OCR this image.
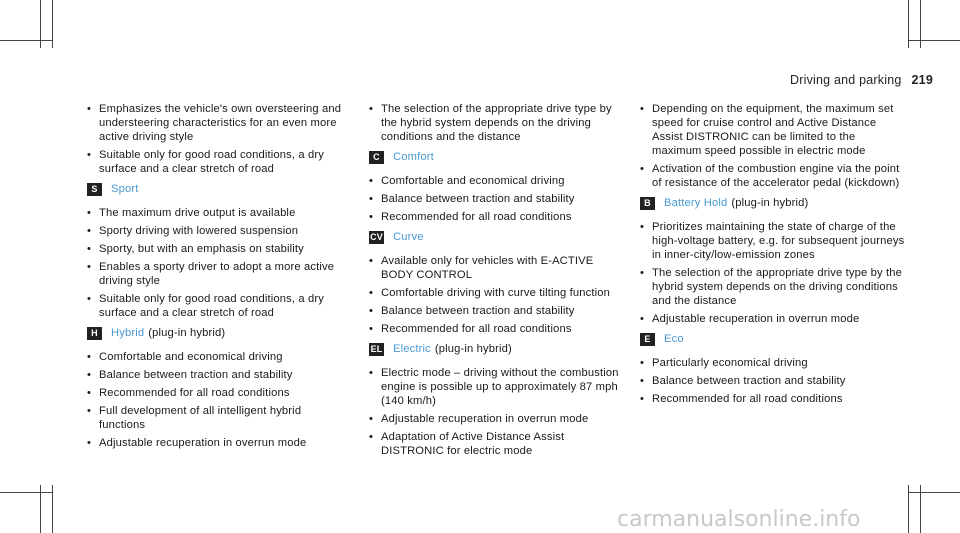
Driving and parking 219
• Emphasizes the vehicle's own oversteering and understeering characteristics for an even more active driving style
• Suitable only for good road conditions, a dry surface and a clear stretch of road
S	Sport
• The maximum drive output is available
• Sporty driving with lowered suspension
• Sporty, but with an emphasis on stability
• Enables a sporty driver to adopt a more active driving style
• Suitable only for good road conditions, a dry surface and a clear stretch of road
H	Hybrid (plug-in hybrid)
• Comfortable and economical driving
• Balance between traction and stability
• Recommended for all road conditions
• Full development of all intelligent hybrid functions
• Adjustable recuperation in overrun mode
• The selection of the appropriate drive type by the hybrid system depends on the driving conditions and the distance
C	Comfort
• Comfortable and economical driving
• Balance between traction and stability
• Recommended for all road conditions
CV Curve
• Available only for vehicles with E-ACTIVE BODY CONTROL
• Comfortable driving with curve tilting function
• Balance between traction and stability
• Recommended for all road conditions
EL Electric (plug-in hybrid)
• Electric mode – driving without the combustion engine is possible up to approximately 87 mph (140 km/h)
• Adjustable recuperation in overrun mode
• Adaptation of Active Distance Assist DISTRONIC for electric mode
• Depending on the equipment, the maximum set speed for cruise control and Active Distance Assist DISTRONIC can be limited to the maximum speed possible in electric mode
• Activation of the combustion engine via the point of resistance of the accelerator pedal (kickdown)
B	Battery Hold (plug-in hybrid)
• Prioritizes maintaining the state of charge of the high-voltage battery, e.g. for subsequent journeys in inner-city/low-emission zones
• The selection of the appropriate drive type by the hybrid system depends on the driving conditions and the distance
• Adjustable recuperation in overrun mode
E	Eco
• Particularly economical driving
• Balance between traction and stability
• Recommended for all road conditions
carmanualsonline.info
